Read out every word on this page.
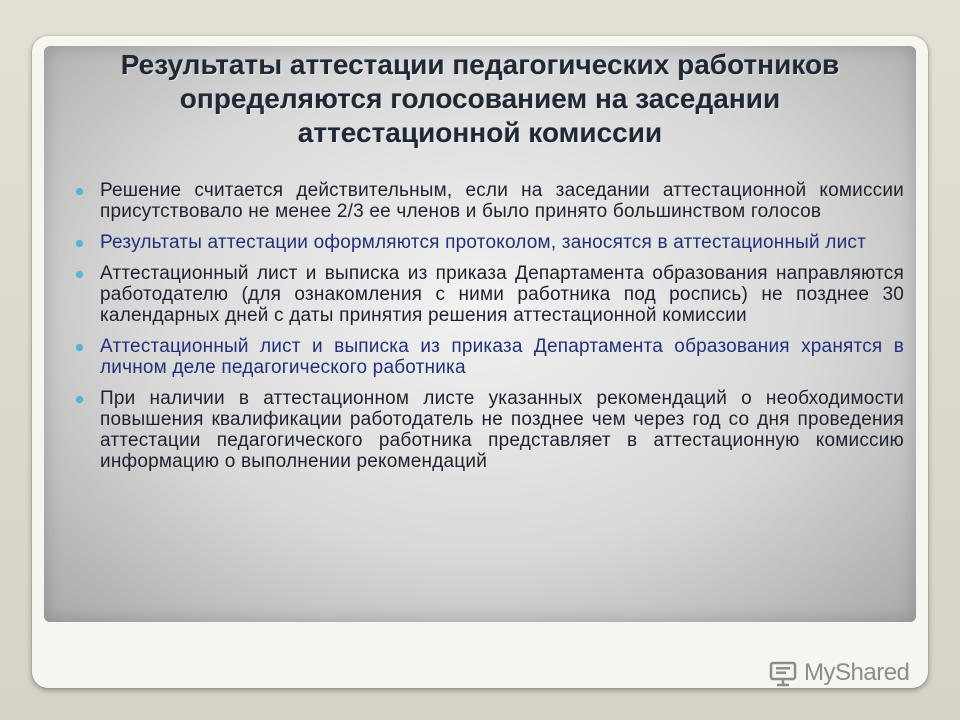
Результаты аттестации педагогических работников
определяются голосованием на заседании
аттестационной комиссии
Решение считается действительным, если на заседании аттестационной комиссии присутствовало не менее 2/3 ее членов и было принято большинством голосов
Результаты аттестации оформляются протоколом, заносятся в аттестационный лист
Аттестационный лист и выписка из приказа Департамента образования направляются работодателю (для ознакомления с ними работника под роспись) не позднее 30 календарных дней с даты принятия решения аттестационной комиссии
Аттестационный лист и выписка из приказа Департамента образования хранятся в личном деле педагогического работника
При наличии в аттестационном листе указанных рекомендаций о необходимости повышения квалификации работодатель не позднее чем через год со дня проведения аттестации педагогического работника представляет в аттестационную комиссию информацию о выполнении рекомендаций
MyShared
